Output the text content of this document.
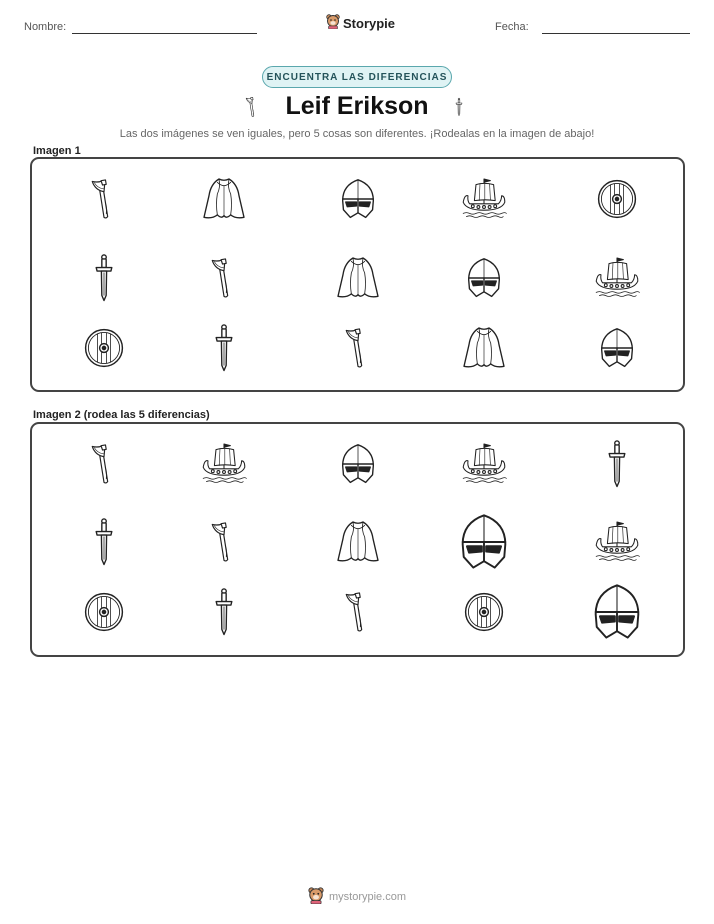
Nombre:	Storypie	Fecha:
ENCUENTRA LAS DIFERENCIAS
Leif Erikson
Las dos imágenes se ven iguales, pero 5 cosas son diferentes. ¡Rodealas en la imagen de abajo!
Imagen 1
Imagen 2 (rodea las 5 diferencias)
mystorypie.com
